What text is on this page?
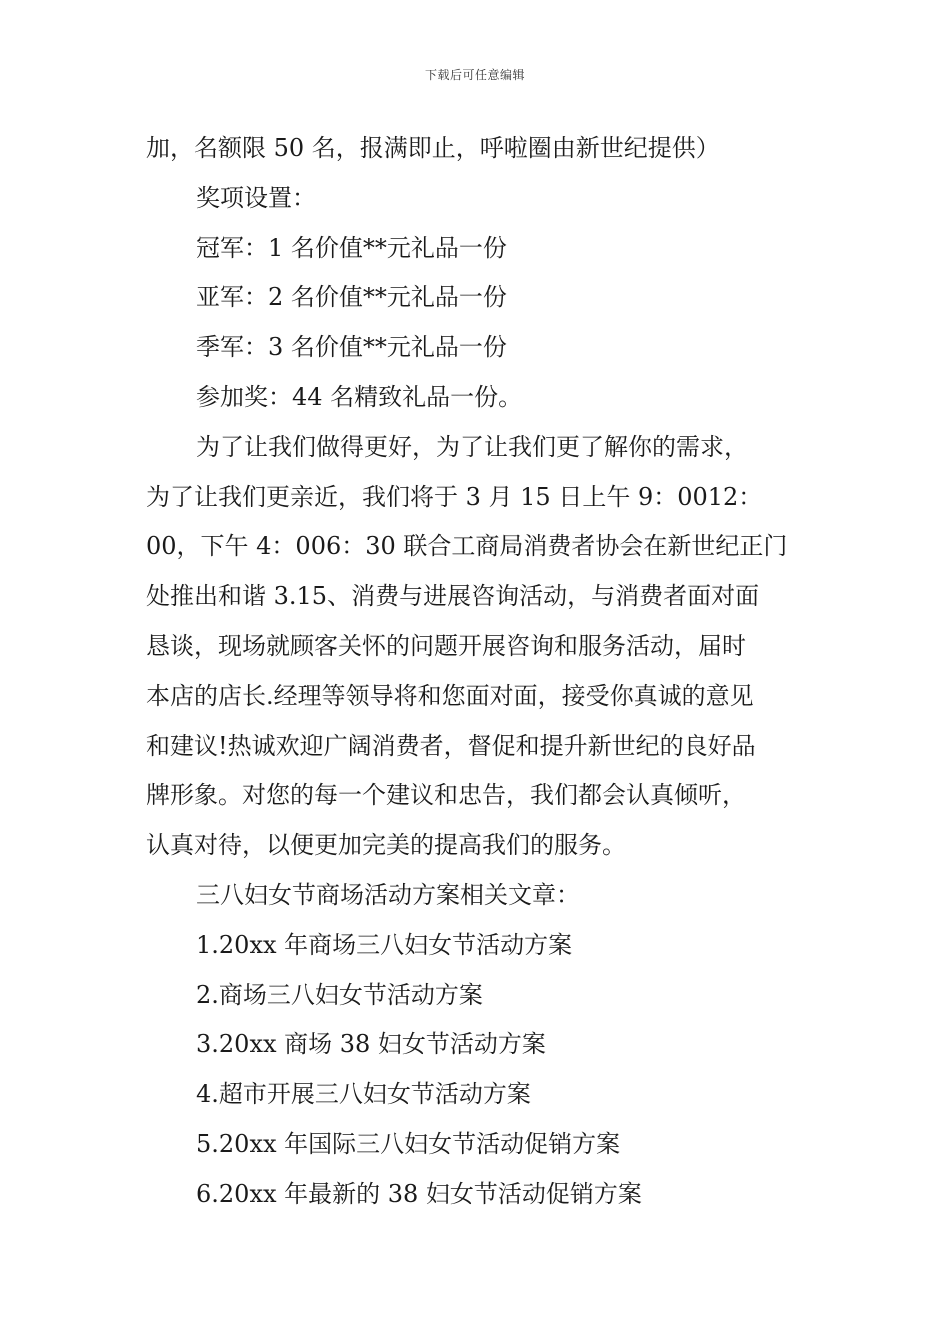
下载后可任意编辑
加，名额限 50 名，报满即止，呼啦圈由新世纪提供）
奖项设置：
冠军：1 名价值**元礼品一份
亚军：2 名价值**元礼品一份
季军：3 名价值**元礼品一份
参加奖：44 名精致礼品一份。
为了让我们做得更好，为了让我们更了解你的需求，
为了让我们更亲近，我们将于 3 月 15 日上午 9：0012：
00，下午 4：006：30 联合工商局消费者协会在新世纪正门
处推出和谐 3.15、消费与进展咨询活动，与消费者面对面
恳谈，现场就顾客关怀的问题开展咨询和服务活动，届时
本店的店长.经理等领导将和您面对面，接受你真诚的意见
和建议!热诚欢迎广阔消费者，督促和提升新世纪的良好品
牌形象。对您的每一个建议和忠告，我们都会认真倾听，
认真对待，以便更加完美的提高我们的服务。
三八妇女节商场活动方案相关文章：
1.20xx 年商场三八妇女节活动方案
2.商场三八妇女节活动方案
3.20xx 商场 38 妇女节活动方案
4.超市开展三八妇女节活动方案
5.20xx 年国际三八妇女节活动促销方案
6.20xx 年最新的 38 妇女节活动促销方案
